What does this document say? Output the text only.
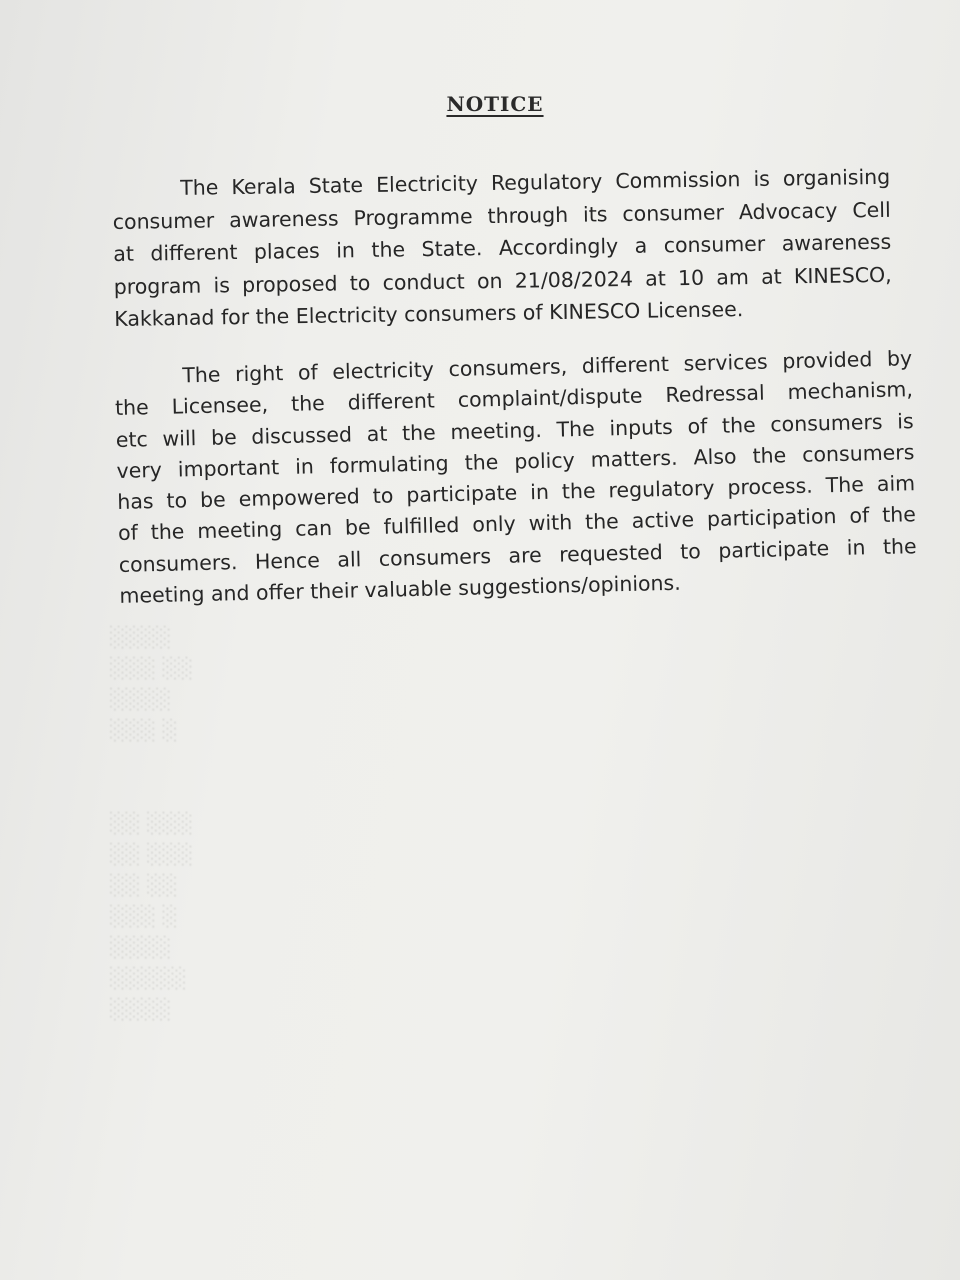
NOTICE
The Kerala State Electricity Regulatory Commission is organising
consumer awareness Programme through its consumer Advocacy Cell
at different places in the State. Accordingly a consumer awareness
program is proposed to conduct on 21/08/2024 at 10 am at KINESCO,
Kakkanad for the Electricity consumers of KINESCO Licensee.
The right of electricity consumers, different services provided by
the Licensee, the different complaint/dispute Redressal mechanism,
etc will be discussed at the meeting. The inputs of the consumers is
very important in formulating the policy matters. Also the consumers
has to be empowered to participate in the regulatory process. The aim
of the meeting can be fulfilled only with the active participation of the
consumers. Hence all consumers are requested to participate in the
meeting and offer their valuable suggestions/opinions.
░░░░
░░░ ░░
░░░░
░░░ ░
░░ ░░░
░░ ░░░
░░ ░░
░░░ ░
░░░░
░░░░░
░░░░
